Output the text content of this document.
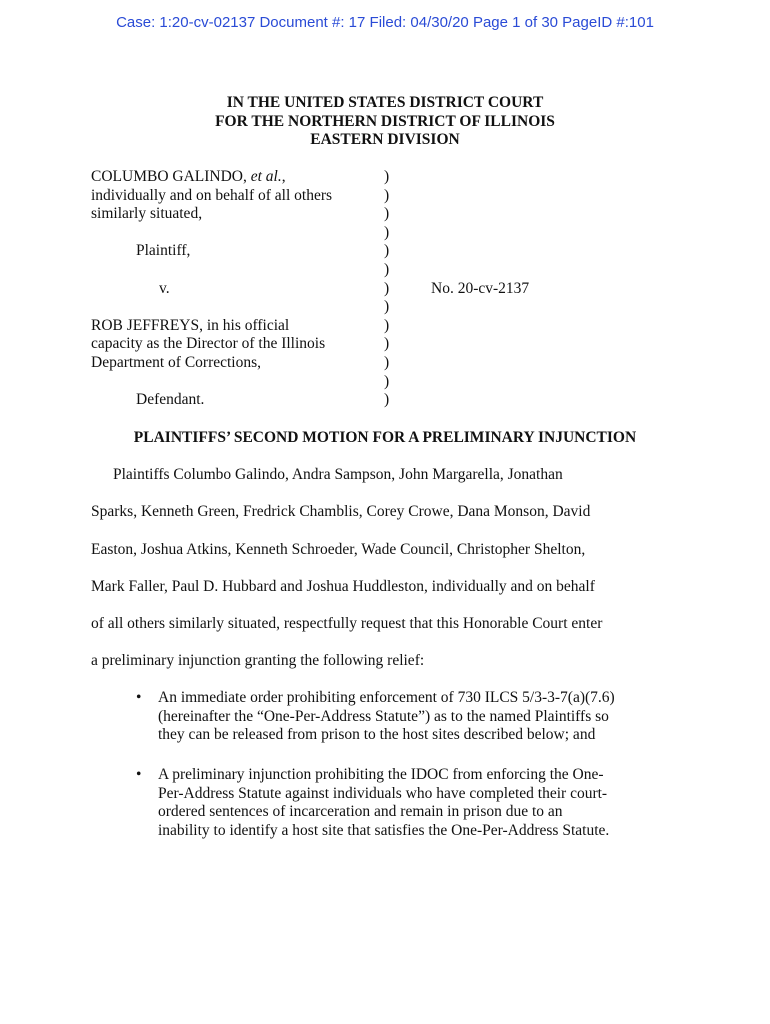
Case: 1:20-cv-02137 Document #: 17 Filed: 04/30/20 Page 1 of 30 PageID #:101
IN THE UNITED STATES DISTRICT COURT
FOR THE NORTHERN DISTRICT OF ILLINOIS
EASTERN DIVISION
COLUMBO GALINDO, et al.,
individually and on behalf of all others
similarly situated,
Plaintiff,
v.
ROB JEFFREYS, in his official
capacity as the Director of the Illinois
Department of Corrections,
Defendant.
)
)
)
)
)
)
)
)
)
)
)
)
)
No. 20-cv-2137
PLAINTIFFS’ SECOND MOTION FOR A PRELIMINARY INJUNCTION
Plaintiffs Columbo Galindo, Andra Sampson, John Margarella, Jonathan
Sparks, Kenneth Green, Fredrick Chamblis, Corey Crowe, Dana Monson, David
Easton, Joshua Atkins, Kenneth Schroeder, Wade Council, Christopher Shelton,
Mark Faller, Paul D. Hubbard and Joshua Huddleston, individually and on behalf
of all others similarly situated, respectfully request that this Honorable Court enter
a preliminary injunction granting the following relief:
• An immediate order prohibiting enforcement of 730 ILCS 5/3-3-7(a)(7.6)
(hereinafter the “One-Per-Address Statute”) as to the named Plaintiffs so
they can be released from prison to the host sites described below; and
• A preliminary injunction prohibiting the IDOC from enforcing the One-
Per-Address Statute against individuals who have completed their court-
ordered sentences of incarceration and remain in prison due to an
inability to identify a host site that satisfies the One-Per-Address Statute.
